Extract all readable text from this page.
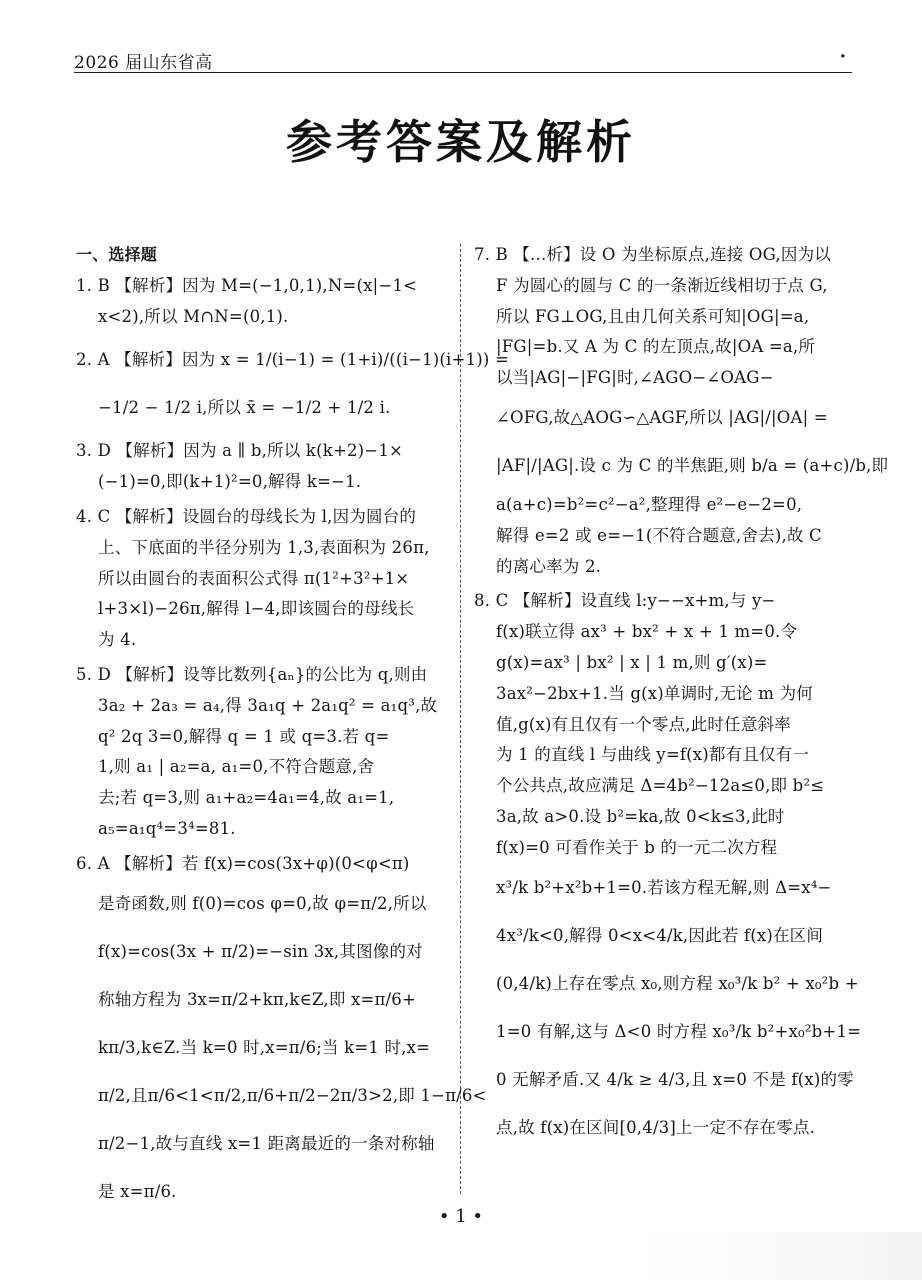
2026 届山东省高	·
参考答案及解析
一、选择题
1. B 【解析】因为 M=(−1,0,1),N=(x|−1<
x<2),所以 M∩N=(0,1).
2. A 【解析】因为 x = 1/(i−1) = (1+i)/((i−1)(i+1)) =
−1/2 − 1/2 i,所以 x̄ = −1/2 + 1/2 i.
3. D 【解析】因为 a ∥ b,所以 k(k+2)−1×
(−1)=0,即(k+1)²=0,解得 k=−1.
4. C 【解析】设圆台的母线长为 l,因为圆台的
上、下底面的半径分别为 1,3,表面积为 26π,
所以由圆台的表面积公式得 π(1²+3²+1×
l+3×l)−26π,解得 l−4,即该圆台的母线长
为 4.
5. D 【解析】设等比数列{aₙ}的公比为 q,则由
3a₂ + 2a₃ = a₄,得 3a₁q + 2a₁q² = a₁q³,故
q² 2q 3=0,解得 q = 1 或 q=3.若 q=
1,则 a₁ | a₂=a, a₁=0,不符合题意,舍
去;若 q=3,则 a₁+a₂=4a₁=4,故 a₁=1,
a₅=a₁q⁴=3⁴=81.
6. A 【解析】若 f(x)=cos(3x+φ)(0<φ<π)
是奇函数,则 f(0)=cos φ=0,故 φ=π/2,所以
f(x)=cos(3x + π/2)=−sin 3x,其图像的对
称轴方程为 3x=π/2+kπ,k∈Z,即 x=π/6+
kπ/3,k∈Z.当 k=0 时,x=π/6;当 k=1 时,x=
π/2,且π/6<1<π/2,π/6+π/2−2π/3>2,即 1−π/6<
π/2−1,故与直线 x=1 距离最近的一条对称轴
是 x=π/6.
7. B 【...析】设 O 为坐标原点,连接 OG,因为以
F 为圆心的圆与 C 的一条渐近线相切于点 G,
所以 FG⊥OG,且由几何关系可知|OG|=a,
|FG|=b.又 A 为 C 的左顶点,故|OA =a,所
以当|AG|−|FG|时,∠AGO−∠OAG−
∠OFG,故△AOG∽△AGF,所以 |AG|/|OA| =
|AF|/|AG|.设 c 为 C 的半焦距,则 b/a = (a+c)/b,即
a(a+c)=b²=c²−a²,整理得 e²−e−2=0,
解得 e=2 或 e=−1(不符合题意,舍去),故 C
的离心率为 2.
8. C 【解析】设直线 l:y−−x+m,与 y−
f(x)联立得 ax³ + bx² + x + 1 m=0.令
g(x)=ax³ | bx² | x | 1 m,则 g′(x)=
3ax²−2bx+1.当 g(x)单调时,无论 m 为何
值,g(x)有且仅有一个零点,此时任意斜率
为 1 的直线 l 与曲线 y=f(x)都有且仅有一
个公共点,故应满足 Δ=4b²−12a≤0,即 b²≤
3a,故 a>0.设 b²=ka,故 0<k≤3,此时
f(x)=0 可看作关于 b 的一元二次方程
x³/k b²+x²b+1=0.若该方程无解,则 Δ=x⁴−
4x³/k<0,解得 0<x<4/k,因此若 f(x)在区间
(0,4/k)上存在零点 x₀,则方程 x₀³/k b² + x₀²b +
1=0 有解,这与 Δ<0 时方程 x₀³/k b²+x₀²b+1=
0 无解矛盾.又 4/k ≥ 4/3,且 x=0 不是 f(x)的零
点,故 f(x)在区间[0,4/3]上一定不存在零点.
• 1 •
